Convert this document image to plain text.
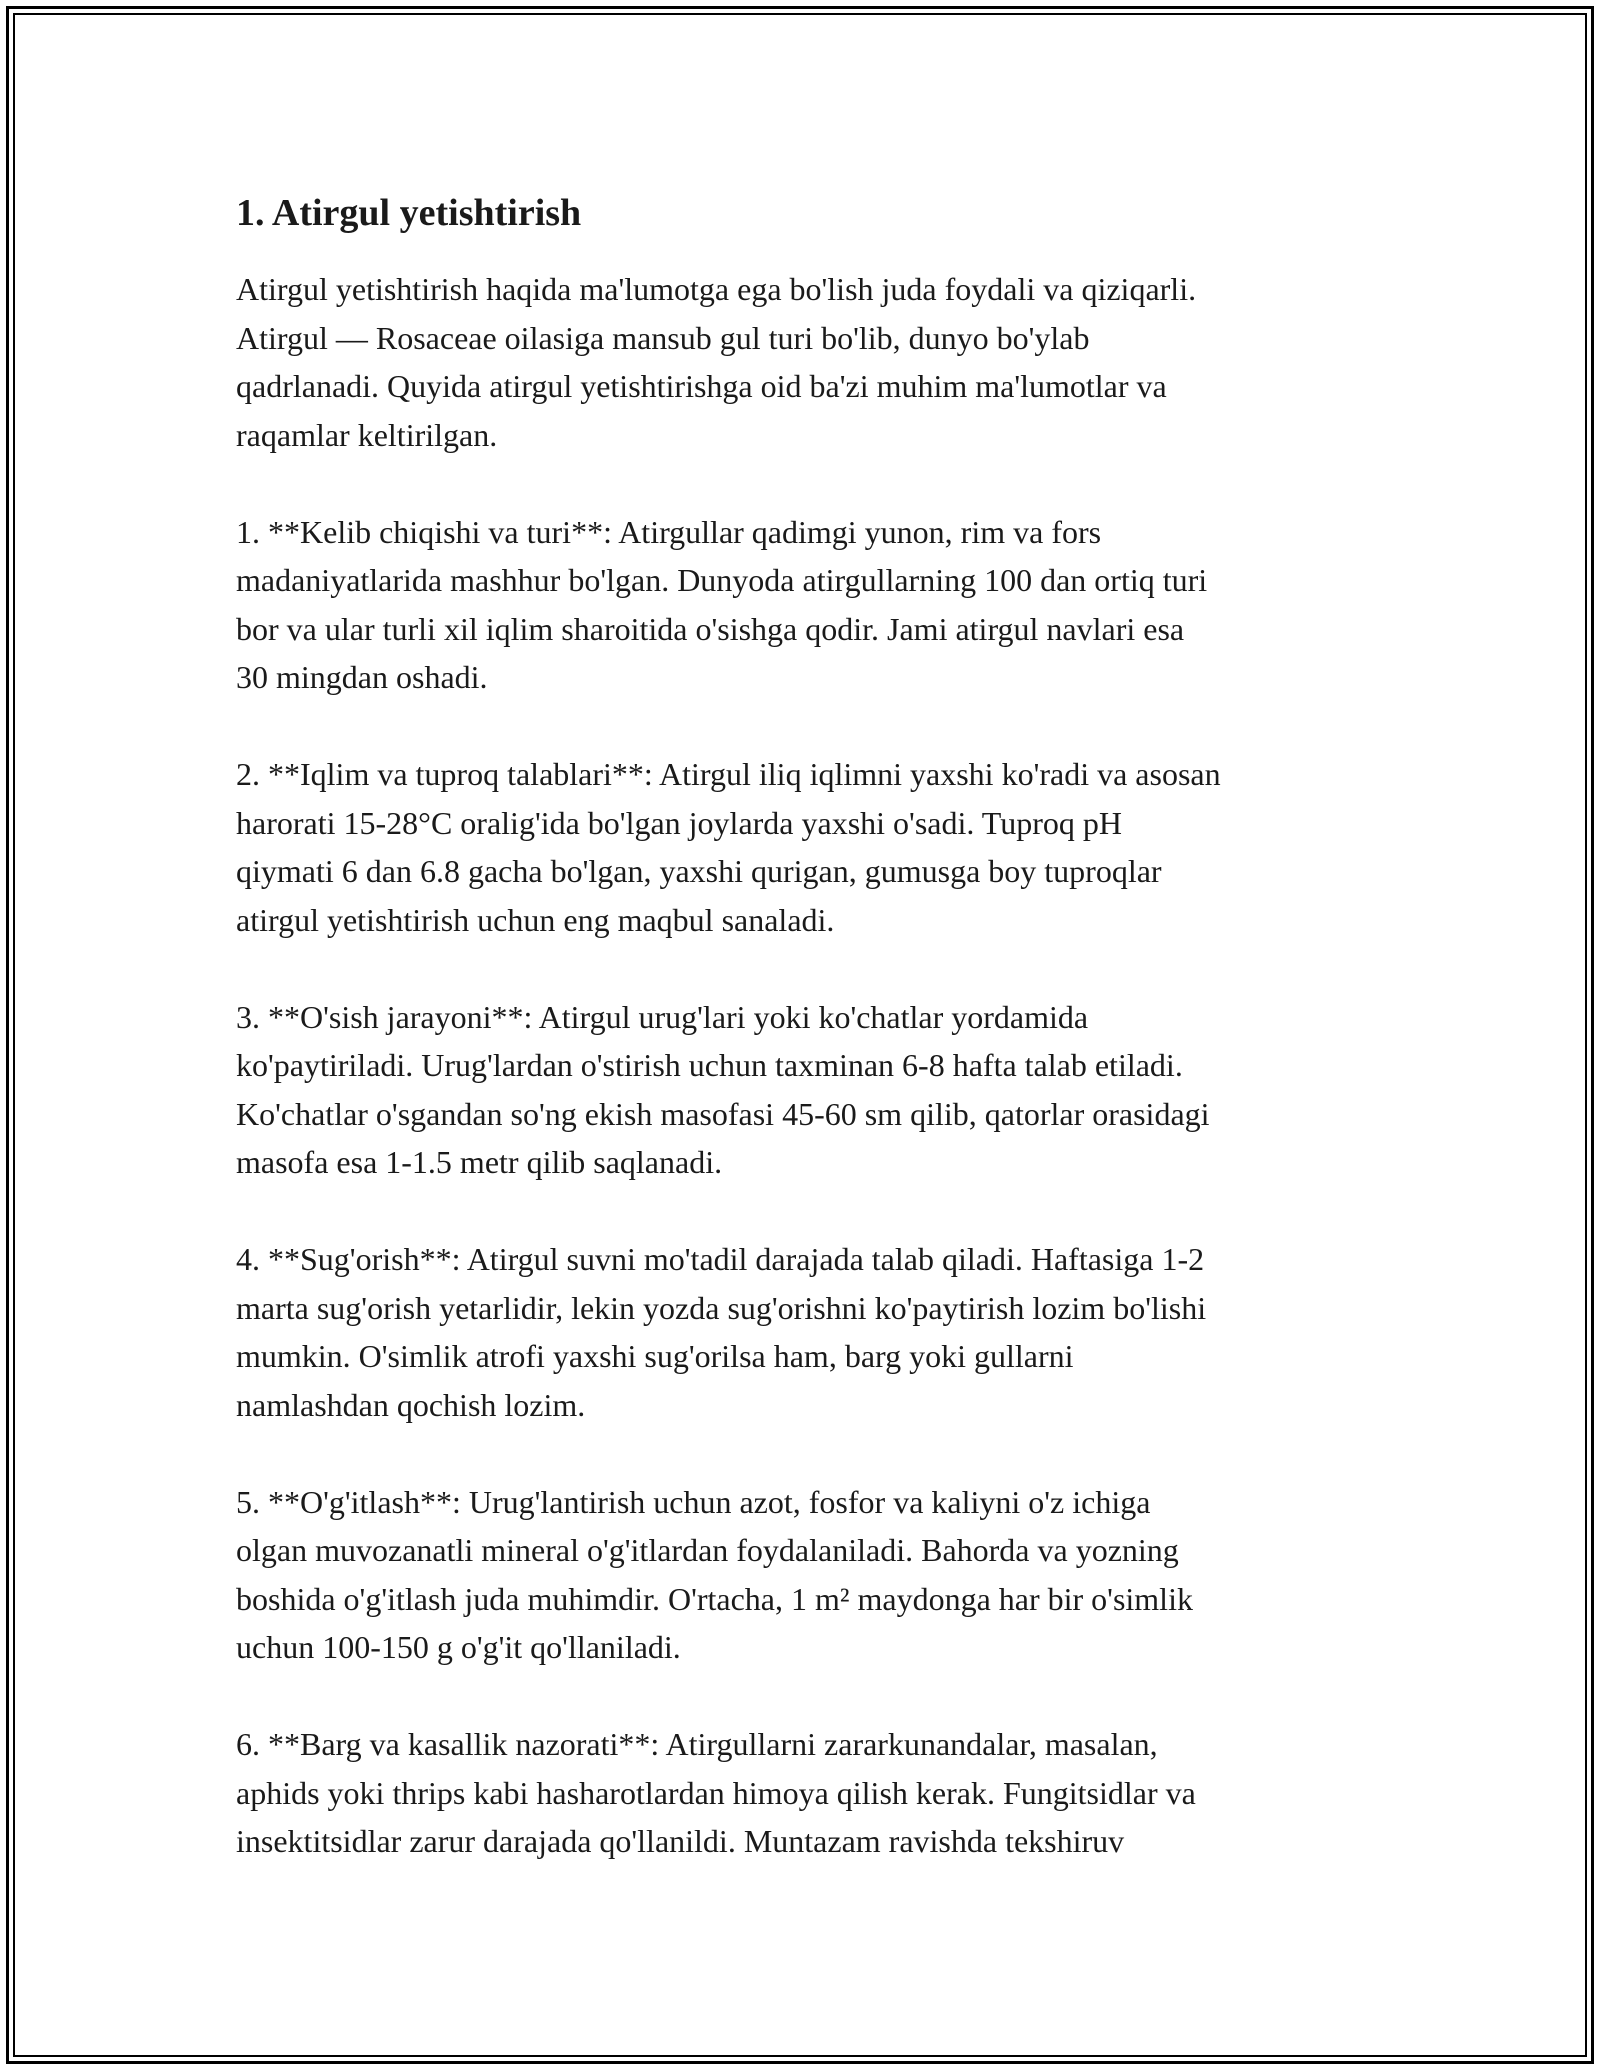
1. Atirgul yetishtirish

Atirgul yetishtirish haqida ma'lumotga ega bo'lish juda foydali va qiziqarli.
Atirgul — Rosaceae oilasiga mansub gul turi bo'lib, dunyo bo'ylab
qadrlanadi. Quyida atirgul yetishtirishga oid ba'zi muhim ma'lumotlar va
raqamlar keltirilgan.

1. **Kelib chiqishi va turi**: Atirgullar qadimgi yunon, rim va fors
madaniyatlarida mashhur bo'lgan. Dunyoda atirgullarning 100 dan ortiq turi
bor va ular turli xil iqlim sharoitida o'sishga qodir. Jami atirgul navlari esa
30 mingdan oshadi.

2. **Iqlim va tuproq talablari**: Atirgul iliq iqlimni yaxshi ko'radi va asosan
harorati 15-28°C oralig'ida bo'lgan joylarda yaxshi o'sadi. Tuproq pH
qiymati 6 dan 6.8 gacha bo'lgan, yaxshi qurigan, gumusga boy tuproqlar
atirgul yetishtirish uchun eng maqbul sanaladi.

3. **O'sish jarayoni**: Atirgul urug'lari yoki ko'chatlar yordamida
ko'paytiriladi. Urug'lardan o'stirish uchun taxminan 6-8 hafta talab etiladi.
Ko'chatlar o'sgandan so'ng ekish masofasi 45-60 sm qilib, qatorlar orasidagi
masofa esa 1-1.5 metr qilib saqlanadi.

4. **Sug'orish**: Atirgul suvni mo'tadil darajada talab qiladi. Haftasiga 1-2
marta sug'orish yetarlidir, lekin yozda sug'orishni ko'paytirish lozim bo'lishi
mumkin. O'simlik atrofi yaxshi sug'orilsa ham, barg yoki gullarni
namlashdan qochish lozim.

5. **O'g'itlash**: Urug'lantirish uchun azot, fosfor va kaliyni o'z ichiga
olgan muvozanatli mineral o'g'itlardan foydalaniladi. Bahorda va yozning
boshida o'g'itlash juda muhimdir. O'rtacha, 1 m² maydonga har bir o'simlik
uchun 100-150 g o'g'it qo'llaniladi.

6. **Barg va kasallik nazorati**: Atirgullarni zararkunandalar, masalan,
aphids yoki thrips kabi hasharotlardan himoya qilish kerak. Fungitsidlar va
insektitsidlar zarur darajada qo'llanildi. Muntazam ravishda tekshiruv
